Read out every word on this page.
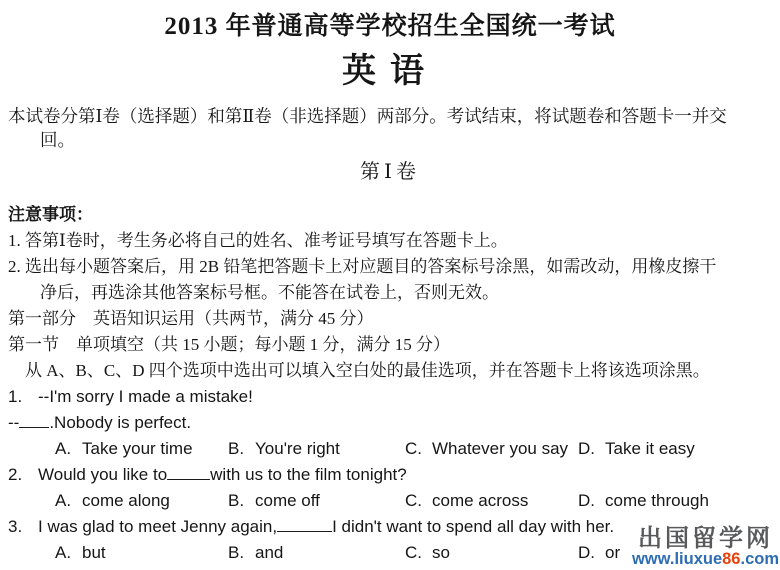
2013 年普通高等学校招生全国统一考试
英语
本试卷分第Ⅰ卷（选择题）和第Ⅱ卷（非选择题）两部分。考试结束，将试题卷和答题卡一并交
回。
第Ⅰ卷
注意事项：
1. 答第Ⅰ卷时，考生务必将自己的姓名、准考证号填写在答题卡上。
2. 选出每小题答案后，用 2B 铅笔把答题卡上对应题目的答案标号涂黑，如需改动，用橡皮擦干
净后，再选涂其他答案标号框。不能答在试卷上，否则无效。
第一部分　英语知识运用（共两节，满分 45 分）
第一节　单项填空（共 15 小题；每小题 1 分，满分 15 分）
从 A、B、C、D 四个选项中选出可以填入空白处的最佳选项，并在答题卡上将该选项涂黑。
1. --I'm sorry I made a mistake!
-- .Nobody is perfect.
A. Take your time	B. You're right	C. Whatever you say D. Take it easy
2. Would you like to	with us to the film tonight?
A. come along	B. come off	C. come across	D. come through
3. I was glad to meet Jenny again,	I didn't want to spend all day with her.
A. but	B. and	C. so	D. or
出国留学网
www.liuxue86.com
